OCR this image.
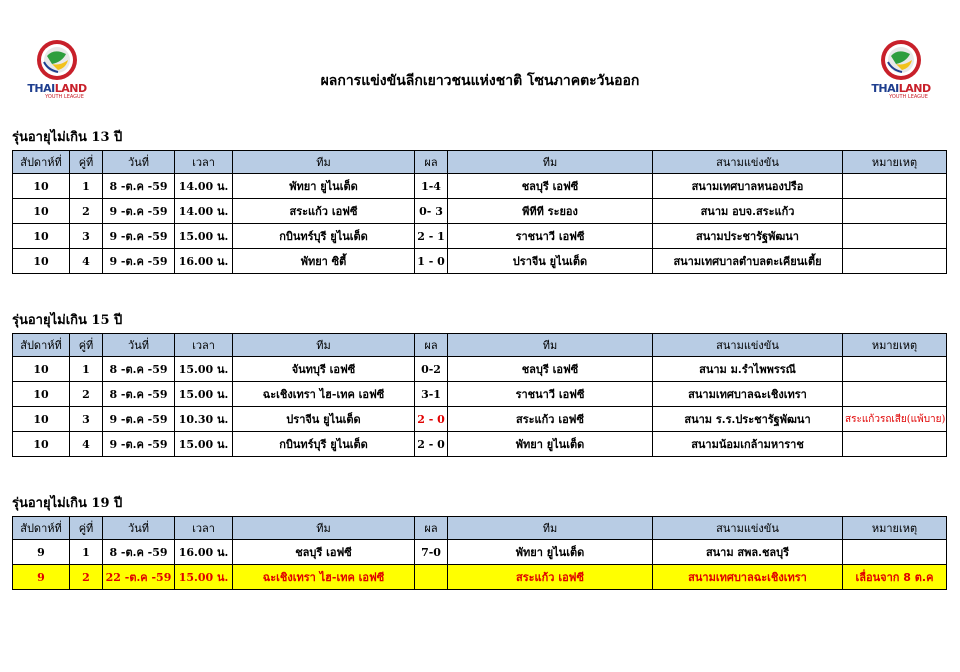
THAILAND
YOUTH LEAGUE
THAILAND
YOUTH LEAGUE
ผลการแข่งขันลีกเยาวชนแห่งชาติ โซนภาคตะวันออก
รุ่นอายุไม่เกิน 13 ปี
สัปดาห์ที่	คู่ที่	วันที่	เวลา	ทีม	ผล	ทีม	สนามแข่งขัน	หมายเหตุ
10	1	8 -ต.ค -59	14.00 น.	พัทยา ยูไนเต็ด	1-4	ชลบุรี เอฟซี	สนามเทศบาลหนองปรือ	
10	2	9 -ต.ค -59	14.00 น.	สระแก้ว เอฟซี	0- 3	พีทีที ระยอง	สนาม อบจ.สระแก้ว	
10	3	9 -ต.ค -59	15.00 น.	กบินทร์บุรี ยูไนเต็ด	2 - 1	ราชนาวี เอฟซี	สนามประชารัฐพัฒนา	
10	4	9 -ต.ค -59	16.00 น.	พัทยา ซิตี้	1 - 0	ปราจีน ยูไนเต็ด	สนามเทศบาลตำบลตะเคียนเตี้ย	
รุ่นอายุไม่เกิน 15 ปี
สัปดาห์ที่	คู่ที่	วันที่	เวลา	ทีม	ผล	ทีม	สนามแข่งขัน	หมายเหตุ
10	1	8 -ต.ค -59	15.00 น.	จันทบุรี เอฟซี	0-2	ชลบุรี เอฟซี	สนาม ม.รำไพพรรณี	
10	2	8 -ต.ค -59	15.00 น.	ฉะเชิงเทรา ไฮ-เทค เอฟซี	3-1	ราชนาวี เอฟซี	สนามเทศบาลฉะเชิงเทรา	
10	3	9 -ต.ค -59	10.30 น.	ปราจีน ยูไนเต็ด	2 - 0	สระแก้ว เอฟซี	สนาม ร.ร.ประชารัฐพัฒนา	สระแก้วรถเสีย(แพ้บาย)
10	4	9 -ต.ค -59	15.00 น.	กบินทร์บุรี ยูไนเต็ด	2 - 0	พัทยา ยูไนเต็ด	สนามน้อมเกล้ามหาราช	
รุ่นอายุไม่เกิน 19 ปี
สัปดาห์ที่	คู่ที่	วันที่	เวลา	ทีม	ผล	ทีม	สนามแข่งขัน	หมายเหตุ
9	1	8 -ต.ค -59	16.00 น.	ชลบุรี เอฟซี	7-0	พัทยา ยูไนเต็ด	สนาม สพล.ชลบุรี	
9	2	22 -ต.ค -59	15.00 น.	ฉะเชิงเทรา ไฮ-เทค เอฟซี		สระแก้ว เอฟซี	สนามเทศบาลฉะเชิงเทรา	เลื่อนจาก 8 ต.ค
